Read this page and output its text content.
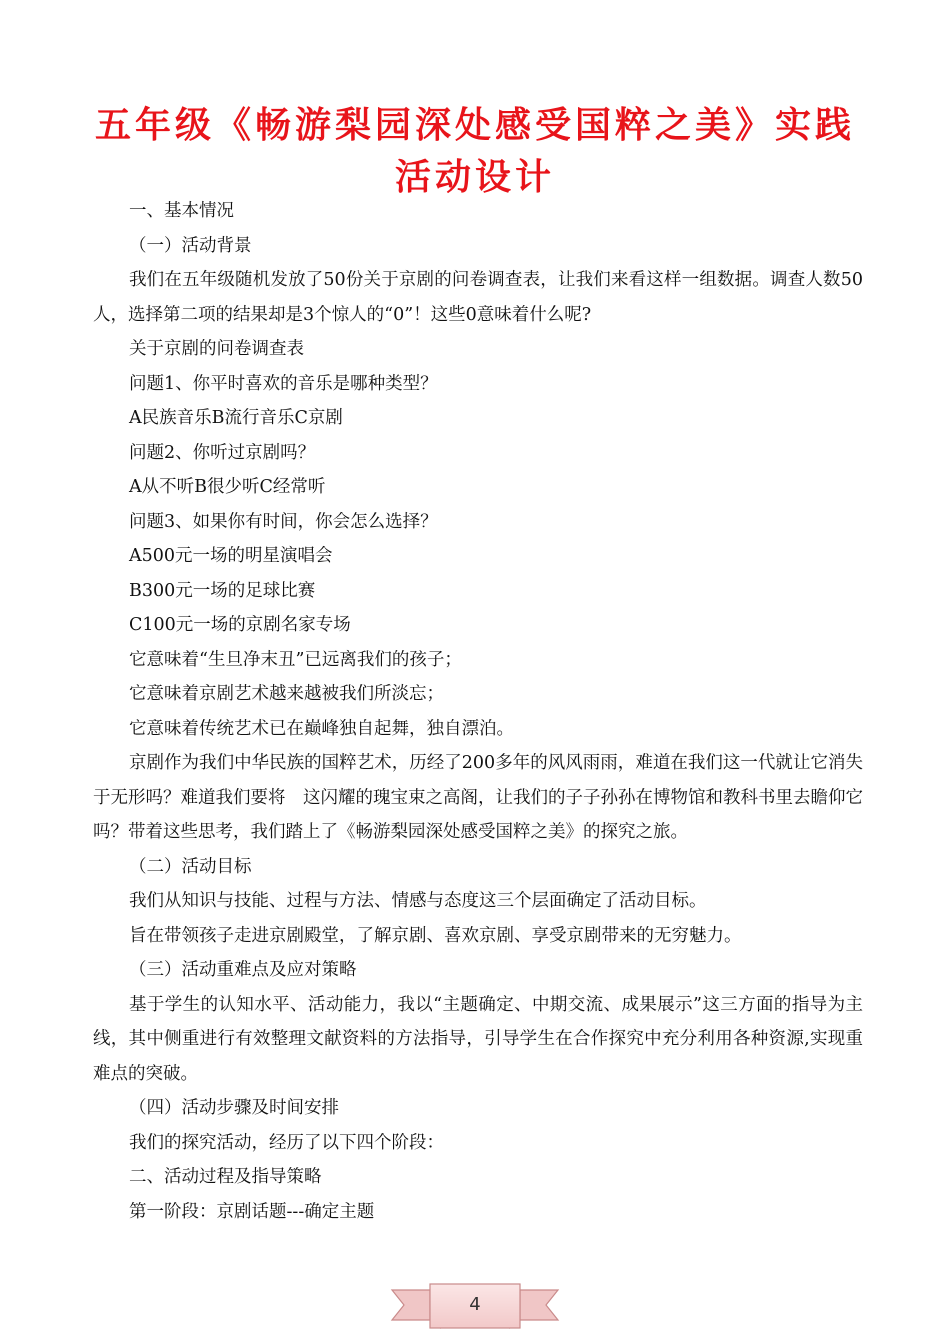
五年级《畅游梨园深处感受国粹之美》实践活动设计

一、基本情况

（一）活动背景

我们在五年级随机发放了50份关于京剧的问卷调查表，让我们来看这样一组数据。调查人数50人，选择第二项的结果却是3个惊人的“0”！这些0意味着什么呢?

关于京剧的问卷调查表

问题1、你平时喜欢的音乐是哪种类型？

A民族音乐B流行音乐C京剧

问题2、你听过京剧吗？

A从不听B很少听C经常听

问题3、如果你有时间，你会怎么选择？

A500元一场的明星演唱会

B300元一场的足球比赛

C100元一场的京剧名家专场

它意味着“生旦净末丑”已远离我们的孩子；

它意味着京剧艺术越来越被我们所淡忘；

它意味着传统艺术已在巅峰独自起舞，独自漂泊。

京剧作为我们中华民族的国粹艺术，历经了200多年的风风雨雨，难道在我们这一代就让它消失于无形吗？难道我们要将　这闪耀的瑰宝束之高阁，让我们的子子孙孙在博物馆和教科书里去瞻仰它吗？带着这些思考，我们踏上了《畅游梨园深处感受国粹之美》的探究之旅。

（二）活动目标

我们从知识与技能、过程与方法、情感与态度这三个层面确定了活动目标。

旨在带领孩子走进京剧殿堂，了解京剧、喜欢京剧、享受京剧带来的无穷魅力。

（三）活动重难点及应对策略

基于学生的认知水平、活动能力，我以“主题确定、中期交流、成果展示”这三方面的指导为主线，其中侧重进行有效整理文献资料的方法指导，引导学生在合作探究中充分利用各种资源,实现重难点的突破。

（四）活动步骤及时间安排

我们的探究活动，经历了以下四个阶段：

二、活动过程及指导策略

第一阶段：京剧话题---确定主题

4
